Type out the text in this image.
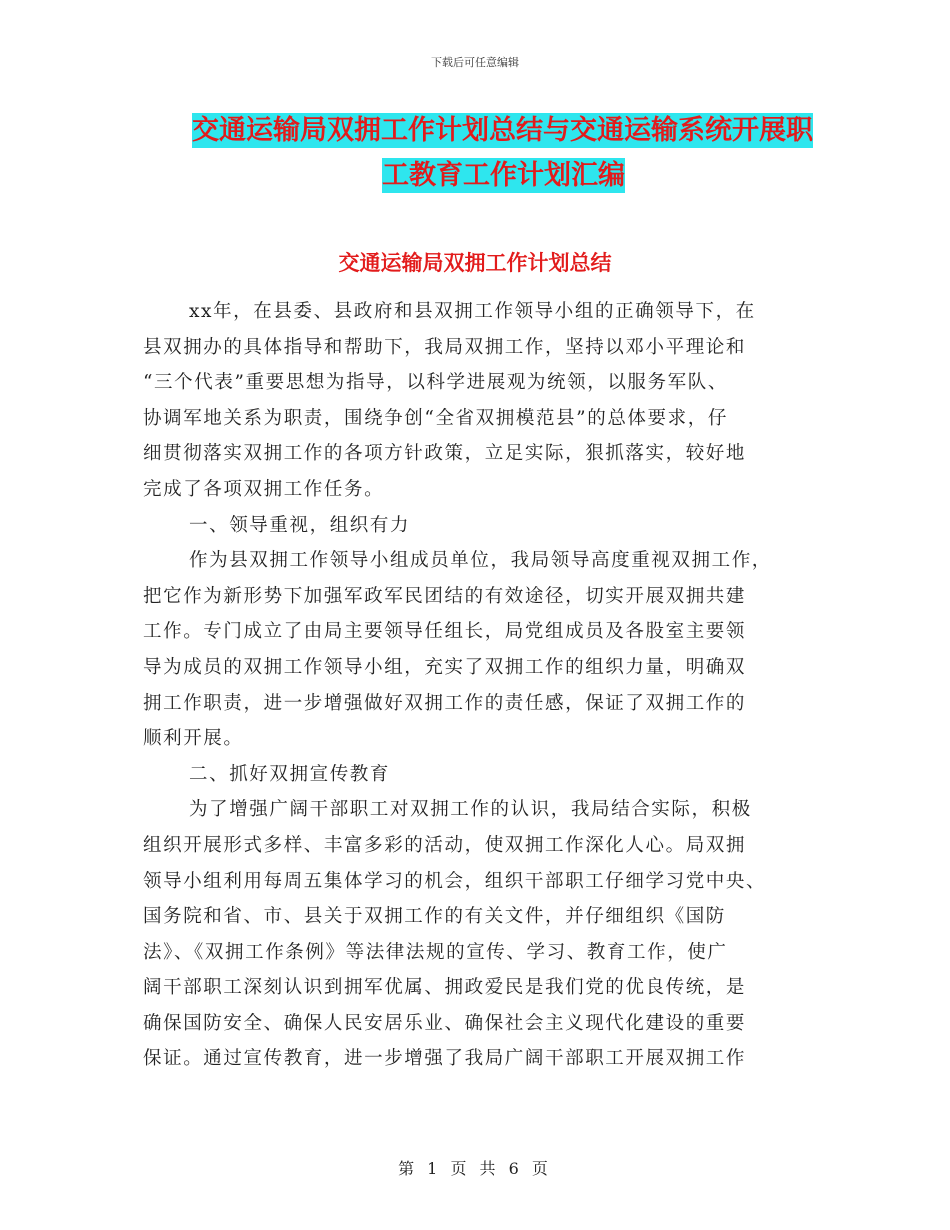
下载后可任意编辑
交通运输局双拥工作计划总结与交通运输系统开展职
工教育工作计划汇编
交通运输局双拥工作计划总结
xx年，在县委、县政府和县双拥工作领导小组的正确领导下，在
县双拥办的具体指导和帮助下，我局双拥工作，坚持以邓小平理论和
“三个代表”重要思想为指导，以科学进展观为统领，以服务军队、
协调军地关系为职责，围绕争创“全省双拥模范县”的总体要求，仔
细贯彻落实双拥工作的各项方针政策，立足实际，狠抓落实，较好地
完成了各项双拥工作任务。
一、领导重视，组织有力
作为县双拥工作领导小组成员单位，我局领导高度重视双拥工作，
把它作为新形势下加强军政军民团结的有效途径，切实开展双拥共建
工作。专门成立了由局主要领导任组长，局党组成员及各股室主要领
导为成员的双拥工作领导小组，充实了双拥工作的组织力量，明确双
拥工作职责，进一步增强做好双拥工作的责任感，保证了双拥工作的
顺利开展。
二、抓好双拥宣传教育
为了增强广阔干部职工对双拥工作的认识，我局结合实际，积极
组织开展形式多样、丰富多彩的活动，使双拥工作深化人心。局双拥
领导小组利用每周五集体学习的机会，组织干部职工仔细学习党中央、
国务院和省、市、县关于双拥工作的有关文件，并仔细组织《国防
法》、《双拥工作条例》等法律法规的宣传、学习、教育工作，使广
阔干部职工深刻认识到拥军优属、拥政爱民是我们党的优良传统，是
确保国防安全、确保人民安居乐业、确保社会主义现代化建设的重要
保证。通过宣传教育，进一步增强了我局广阔干部职工开展双拥工作
第 1 页 共 6 页
